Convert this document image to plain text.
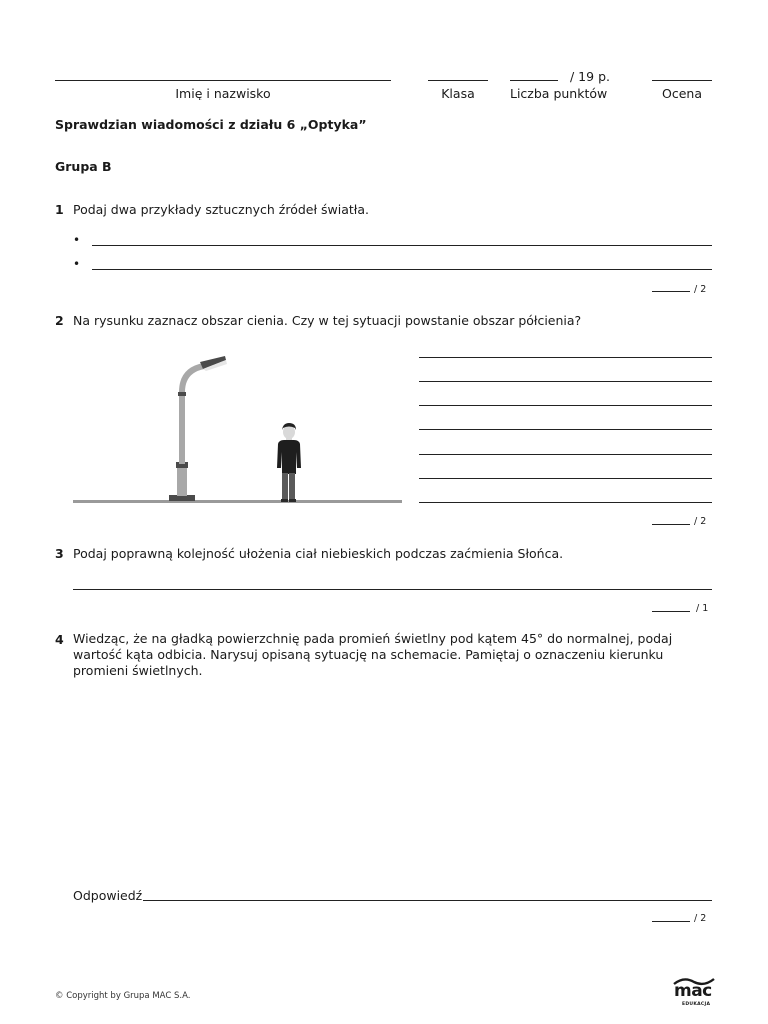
Imię i nazwisko	Klasa
/ 19 p.
Liczba punktów	Ocena
Sprawdzian wiadomości z działu 6 „Optyka”
Grupa B
1 Podaj dwa przykłady sztucznych źródeł światła.
•
•
/ 2
2 Na rysunku zaznacz obszar cienia. Czy w tej sytuacji powstanie obszar półcienia?
/ 2
3 Podaj poprawną kolejność ułożenia ciał niebieskich podczas zaćmienia Słońca.
/ 1
4 Wiedząc, że na gładką powierzchnię pada promień świetlny pod kątem 45° do normalnej, podaj wartość kąta odbicia. Narysuj opisaną sytuację na schemacie. Pamiętaj o oznaczeniu kierunku promieni świetlnych.
Odpowiedź
/ 2
© Copyright by Grupa MAC S.A.	mac
EDUKACJA
